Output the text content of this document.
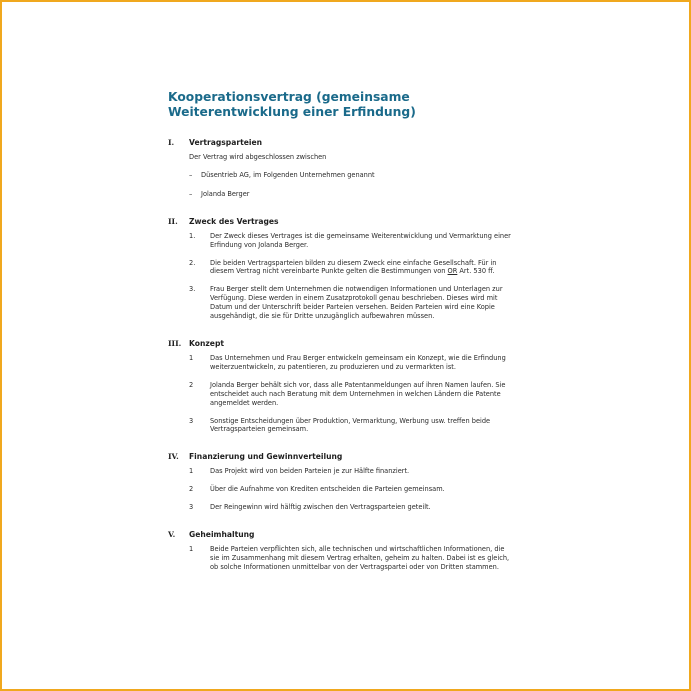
Kooperationsvertrag (gemeinsame
Weiterentwicklung einer Erfindung)
I.	Vertragsparteien
Der Vertrag wird abgeschlossen zwischen
–	Düsentrieb AG, im Folgenden Unternehmen genannt
–	Jolanda Berger
II.	Zweck des Vertrages
1.	Der Zweck dieses Vertrages ist die gemeinsame Weiterentwicklung und Vermarktung einer Erfindung von Jolanda Berger.
2.	Die beiden Vertragsparteien bilden zu diesem Zweck eine einfache Gesellschaft. Für in diesem Vertrag nicht vereinbarte Punkte gelten die Bestimmungen von OR Art. 530 ff.
3.	Frau Berger stellt dem Unternehmen die notwendigen Informationen und Unterlagen zur Verfügung. Diese werden in einem Zusatzprotokoll genau beschrieben. Dieses wird mit Datum und der Unterschrift beider Parteien versehen. Beiden Parteien wird eine Kopie ausgehändigt, die sie für Dritte unzugänglich aufbewahren müssen.
III.	Konzept
1	Das Unternehmen und Frau Berger entwickeln gemeinsam ein Konzept, wie die Erfindung weiterzuentwickeln, zu patentieren, zu produzieren und zu vermarkten ist.
2	Jolanda Berger behält sich vor, dass alle Patentanmeldungen auf ihren Namen laufen. Sie entscheidet auch nach Beratung mit dem Unternehmen in welchen Ländern die Patente angemeldet werden.
3	Sonstige Entscheidungen über Produktion, Vermarktung, Werbung usw. treffen beide Vertragsparteien gemeinsam.
IV.	Finanzierung und Gewinnverteilung
1	Das Projekt wird von beiden Parteien je zur Hälfte finanziert.
2	Über die Aufnahme von Krediten entscheiden die Parteien gemeinsam.
3	Der Reingewinn wird hälftig zwischen den Vertragsparteien geteilt.
V.	Geheimhaltung
1	Beide Parteien verpflichten sich, alle technischen und wirtschaftlichen Informationen, die sie im Zusammenhang mit diesem Vertrag erhalten, geheim zu halten. Dabei ist es gleich, ob solche Informationen unmittelbar von der Vertragspartei oder von Dritten stammen.
